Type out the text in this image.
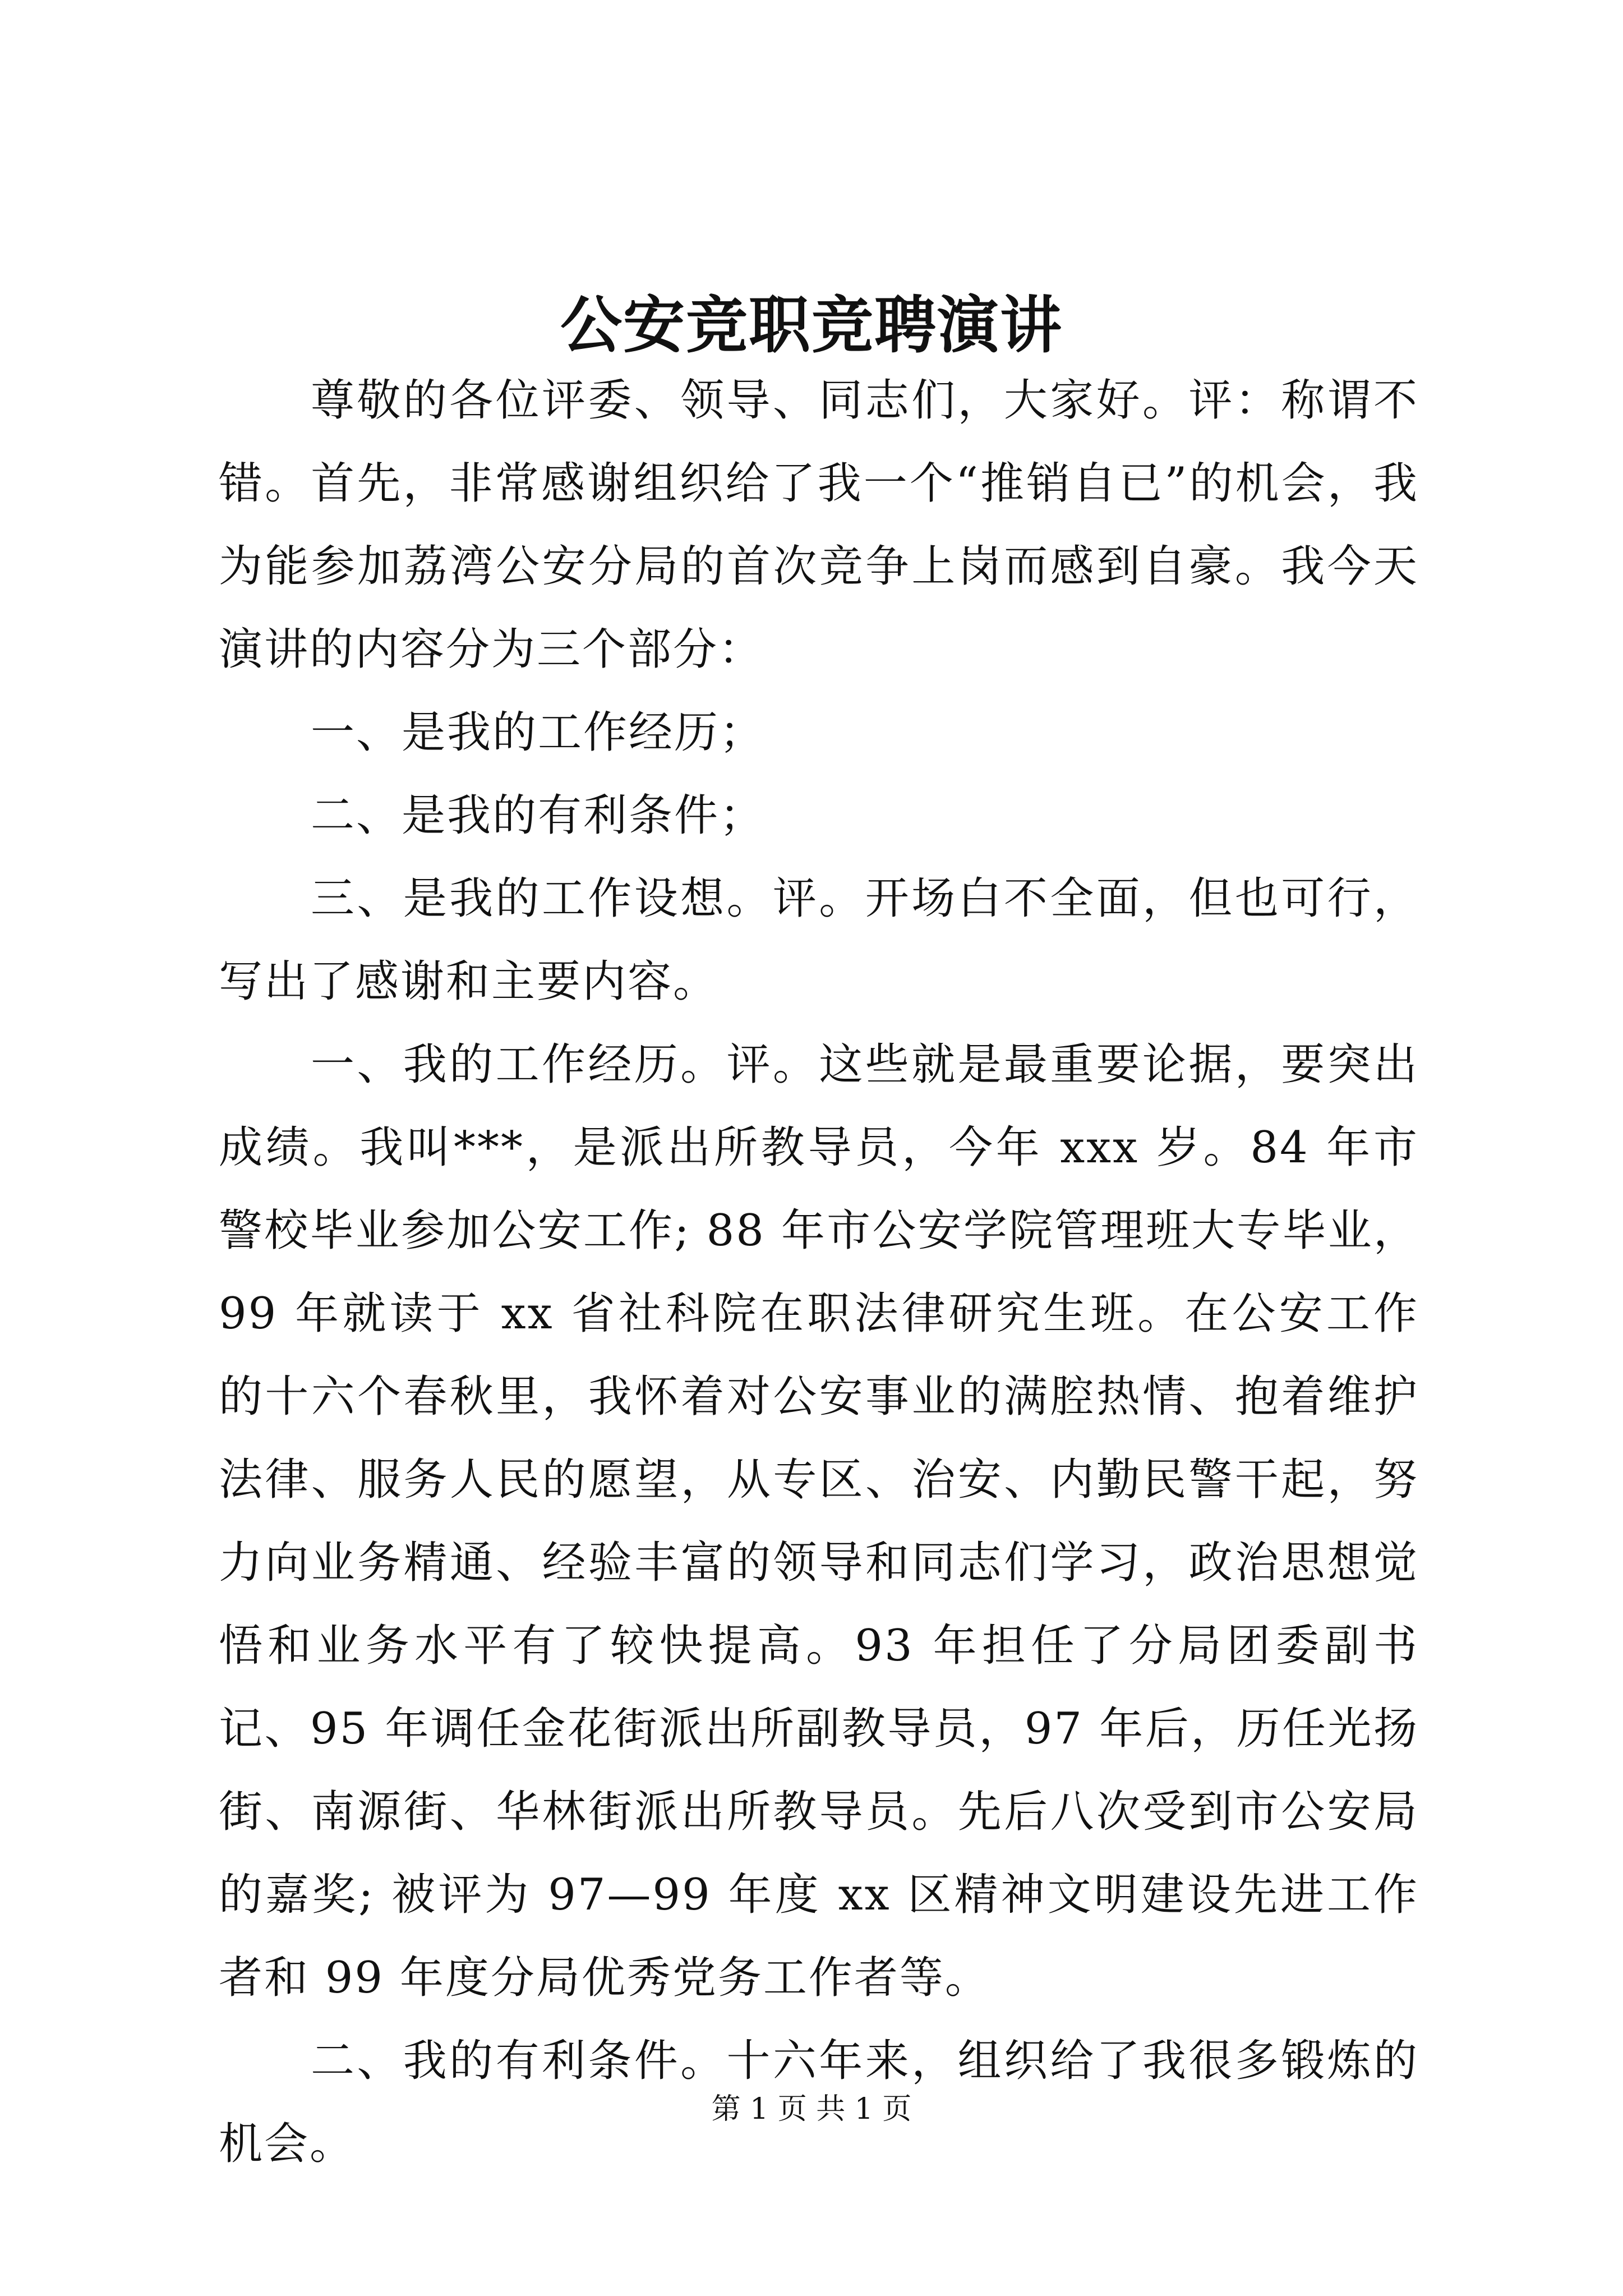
公安竞职竞聘演讲

尊敬的各位评委、领导、同志们，大家好。评：称谓不错。首先，非常感谢组织给了我一个“推销自已”的机会，我为能参加荔湾公安分局的首次竞争上岗而感到自豪。我今天演讲的内容分为三个部分：

一、是我的工作经历；

二、是我的有利条件；

三、是我的工作设想。评。开场白不全面，但也可行，写出了感谢和主要内容。

一、我的工作经历。评。这些就是最重要论据，要突出成绩。我叫***，是派出所教导员，今年 xxx 岁。84 年市警校毕业参加公安工作; 88 年市公安学院管理班大专毕业，99 年就读于 xx 省社科院在职法律研究生班。在公安工作的十六个春秋里，我怀着对公安事业的满腔热情、抱着维护法律、服务人民的愿望，从专区、治安、内勤民警干起，努力向业务精通、经验丰富的领导和同志们学习，政治思想觉悟和业务水平有了较快提高。93 年担任了分局团委副书记、95 年调任金花街派出所副教导员，97 年后，历任光扬街、南源街、华林街派出所教导员。先后八次受到市公安局的嘉奖; 被评为 97—99 年度 xx 区精神文明建设先进工作者和 99 年度分局优秀党务工作者等。

二、我的有利条件。十六年来，组织给了我很多锻炼的机会。

第 1 页 共 1 页
